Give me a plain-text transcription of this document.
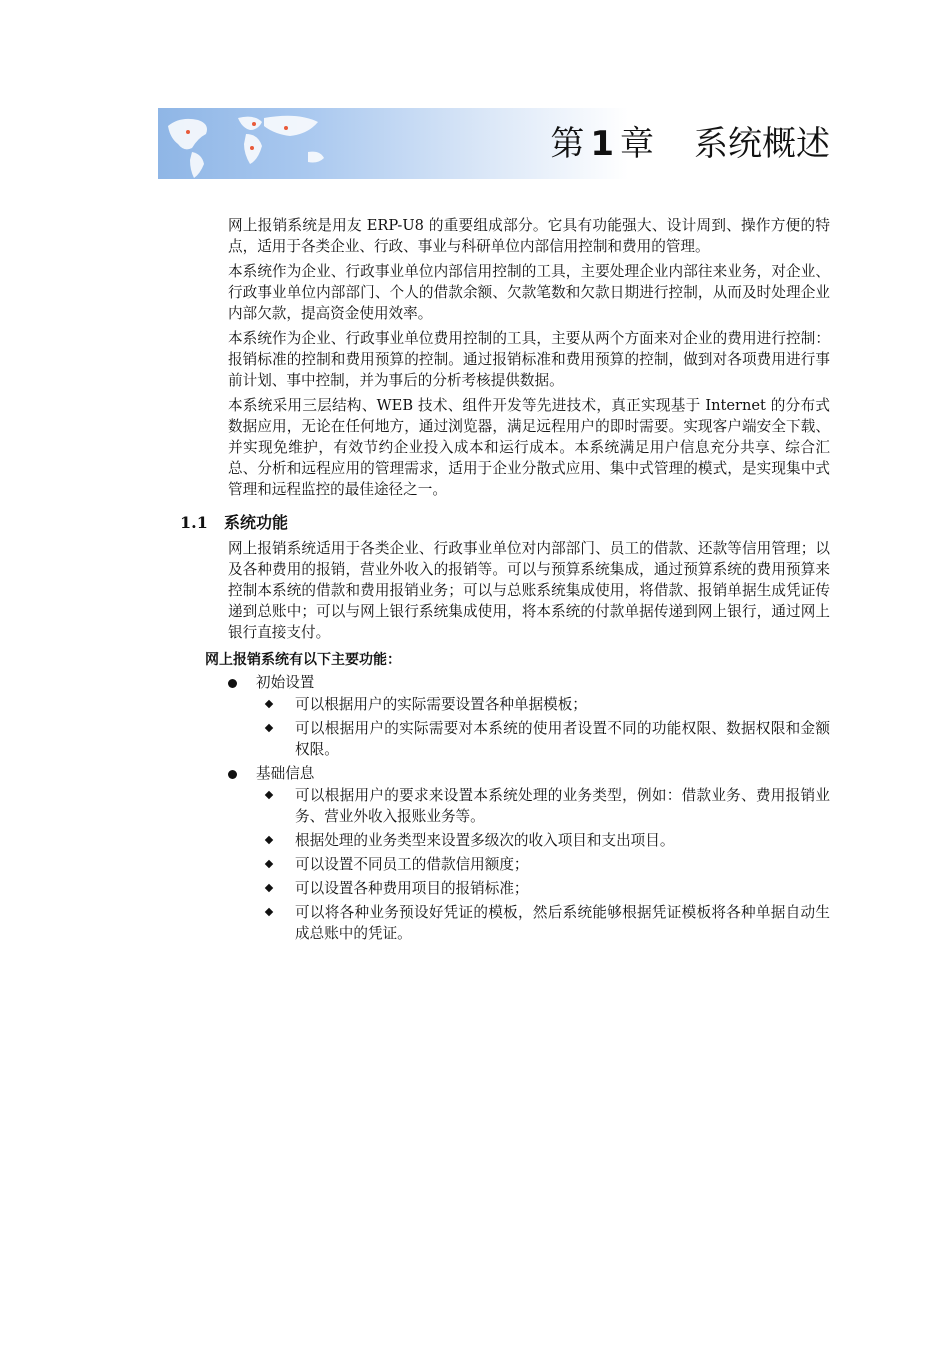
第 1 章 系统概述

网上报销系统是用友 ERP-U8 的重要组成部分。它具有功能强大、设计周到、操作方便的特点，适用于各类企业、行政、事业与科研单位内部信用控制和费用的管理。

本系统作为企业、行政事业单位内部信用控制的工具，主要处理企业内部往来业务，对企业、行政事业单位内部部门、个人的借款余额、欠款笔数和欠款日期进行控制，从而及时处理企业内部欠款，提高资金使用效率。

本系统作为企业、行政事业单位费用控制的工具，主要从两个方面来对企业的费用进行控制：报销标准的控制和费用预算的控制。通过报销标准和费用预算的控制，做到对各项费用进行事前计划、事中控制，并为事后的分析考核提供数据。

本系统采用三层结构、WEB 技术、组件开发等先进技术，真正实现基于 Internet 的分布式数据应用，无论在任何地方，通过浏览器，满足远程用户的即时需要。实现客户端安全下载、并实现免维护，有效节约企业投入成本和运行成本。本系统满足用户信息充分共享、综合汇总、分析和远程应用的管理需求，适用于企业分散式应用、集中式管理的模式，是实现集中式管理和远程监控的最佳途径之一。

1.1 系统功能

网上报销系统适用于各类企业、行政事业单位对内部部门、员工的借款、还款等信用管理；以及各种费用的报销，营业外收入的报销等。可以与预算系统集成，通过预算系统的费用预算来控制本系统的借款和费用报销业务；可以与总账系统集成使用，将借款、报销单据生成凭证传递到总账中；可以与网上银行系统集成使用，将本系统的付款单据传递到网上银行，通过网上银行直接支付。

网上报销系统有以下主要功能：
初始设置
可以根据用户的实际需要设置各种单据模板；
可以根据用户的实际需要对本系统的使用者设置不同的功能权限、数据权限和金额权限。
基础信息
可以根据用户的要求来设置本系统处理的业务类型，例如：借款业务、费用报销业务、营业外收入报账业务等。
根据处理的业务类型来设置多级次的收入项目和支出项目。
可以设置不同员工的借款信用额度；
可以设置各种费用项目的报销标准；
可以将各种业务预设好凭证的模板，然后系统能够根据凭证模板将各种单据自动生成总账中的凭证。
